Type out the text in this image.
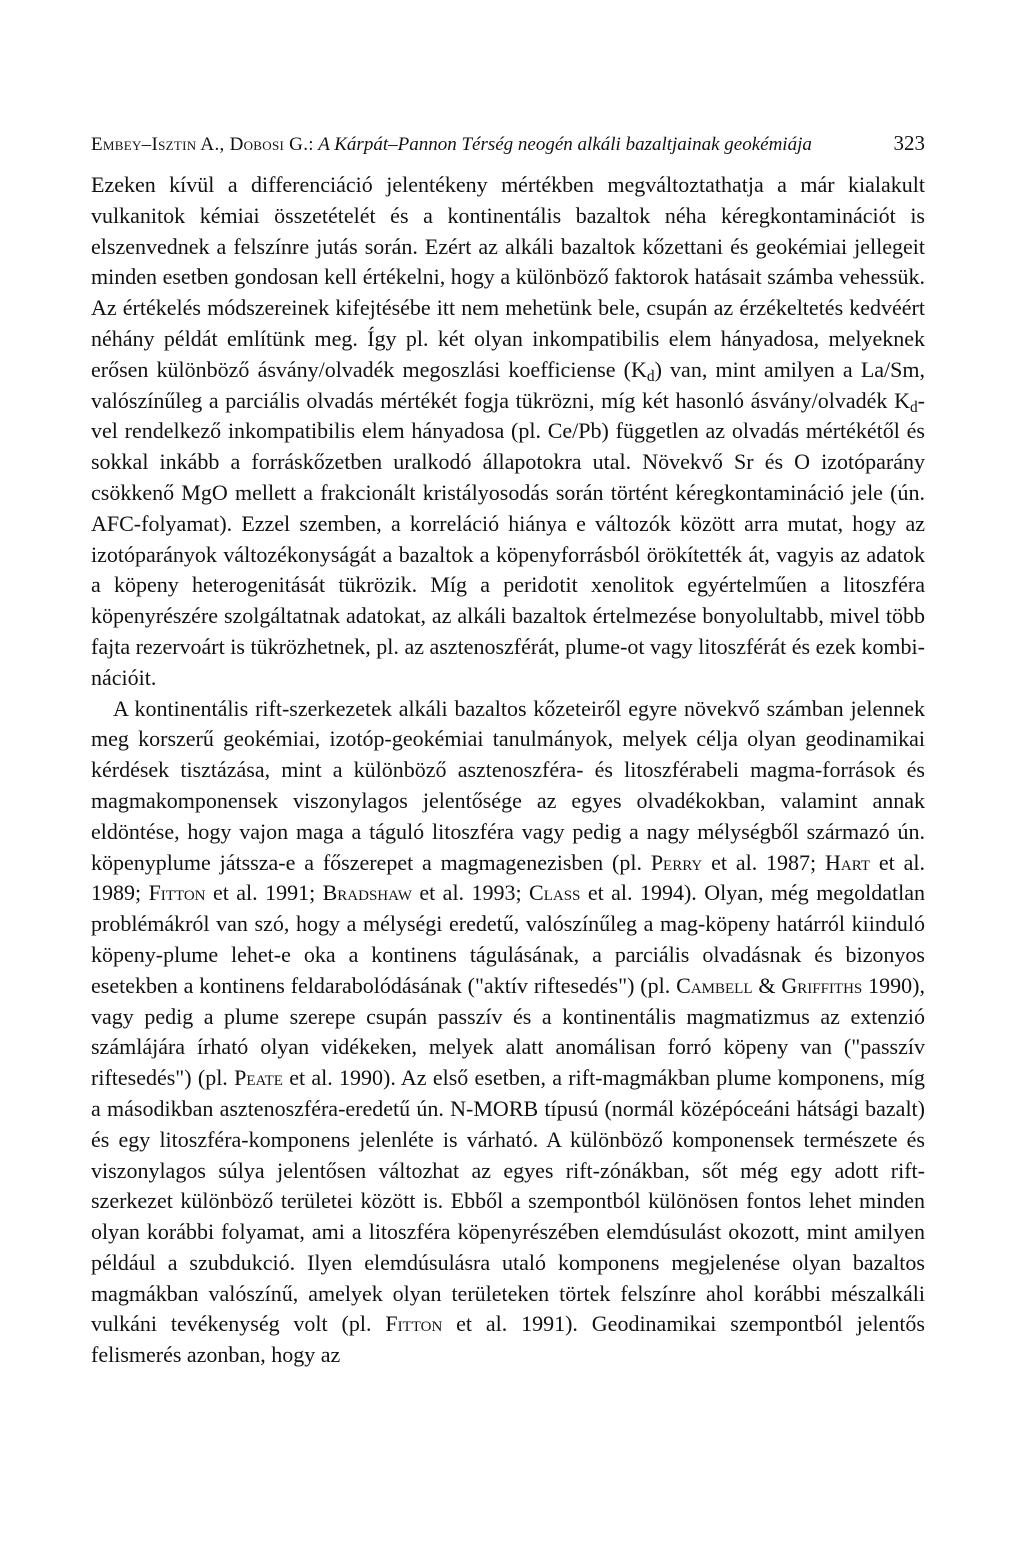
Embey–Isztin A., Dobosi G.: A Kárpát–Pannon Térség neogén alkáli bazaltjainak geokémiája	323

Ezeken kívül a differenciáció jelentékeny mértékben megváltoztathatja a már kialakult vulkanitok kémiai összetételét és a kontinentális bazaltok néha kéregkontaminációt is elszenvednek a felszínre jutás során. Ezért az alkáli bazaltok kőzettani és geokémiai jellegeit minden esetben gondosan kell értékelni, hogy a különböző faktorok hatásait számba vehessük. Az értékelés módszereinek kifejtésébe itt nem mehetünk bele, csupán az érzékeltetés kedvéért néhány példát említünk meg. Így pl. két olyan inkompatibilis elem hányadosa, melyeknek erősen különböző ásvány/olvadék megoszlási koefficiense $(K_d)$ van, mint amilyen a La/Sm, valószínűleg a parciális olvadás mértékét fogja tükrözni, míg két hasonló ásvány/olvadék $K_d$-vel rendelkező inkompatibilis elem hányadosa (pl. Ce/Pb) független az olvadás mértékétől és sokkal inkább a forráskőzetben uralkodó állapotokra utal. Növekvő Sr és O izotóparány csökkenő MgO mellett a frakcionált kristályosodás során történt kéregkontamináció jele (ún. AFC-folyamat). Ezzel szemben, a korreláció hiánya e változók között arra mutat, hogy az izotóparányok változékonyságát a bazaltok a köpenyforrásból örökítették át, vagyis az adatok a köpeny heterogenitását tükrözik. Míg a peridotit xenolitok egyértelműen a litoszféra köpenyrészére szolgáltatnak adatokat, az alkáli bazaltok értelmezése bonyolultabb, mivel több fajta rezervoárt is tükrözhetnek, pl. az asztenoszférát, plume-ot vagy litoszférát és ezek kombinációit.

A kontinentális rift-szerkezetek alkáli bazaltos kőzeteiről egyre növekvő számban jelennek meg korszerű geokémiai, izotóp-geokémiai tanulmányok, melyek célja olyan geodinamikai kérdések tisztázása, mint a különböző asztenoszféra- és litoszférabeli magma-források és magmakomponensek viszonylagos jelentősége az egyes olvadékokban, valamint annak eldöntése, hogy vajon maga a táguló litoszféra vagy pedig a nagy mélységből származó ún. köpenyplume játssza-e a főszerepet a magmagenezisben (pl. Perry et al. 1987; Hart et al. 1989; Fitton et al. 1991; Bradshaw et al. 1993; Class et al. 1994). Olyan, még megoldatlan problémákról van szó, hogy a mélységi eredetű, valószínűleg a mag-köpeny határról kiinduló köpeny-plume lehet-e oka a kontinens tágulásának, a parciális olvadásnak és bizonyos esetekben a kontinens feldarabolódásának ("aktív riftesedés") (pl. Cambell & Griffiths 1990), vagy pedig a plume szerepe csupán passzív és a kontinentális magmatizmus az extenzió számlájára írható olyan vidékeken, melyek alatt anomálisan forró köpeny van ("passzív riftesedés") (pl. Peate et al. 1990). Az első esetben, a rift-magmákban plume komponens, míg a másodikban asztenoszféra-eredetű ún. N-MORB típusú (normál középóceáni hátsági bazalt) és egy litoszféra-komponens jelenléte is várható. A különböző komponensek természete és viszonylagos súlya jelentősen változhat az egyes rift-zónákban, sőt még egy adott rift-szerkezet különböző területei között is. Ebből a szempontból különösen fontos lehet minden olyan korábbi folyamat, ami a litoszféra köpenyrészében elemdúsulást okozott, mint amilyen például a szubdukció. Ilyen elemdúsulásra utaló komponens megjelenése olyan bazaltos magmákban valószínű, amelyek olyan területeken törtek felszínre ahol korábbi mészalkáli vulkáni tevékenység volt (pl. Fitton et al. 1991). Geodinamikai szempontból jelentős felismerés azonban, hogy az
